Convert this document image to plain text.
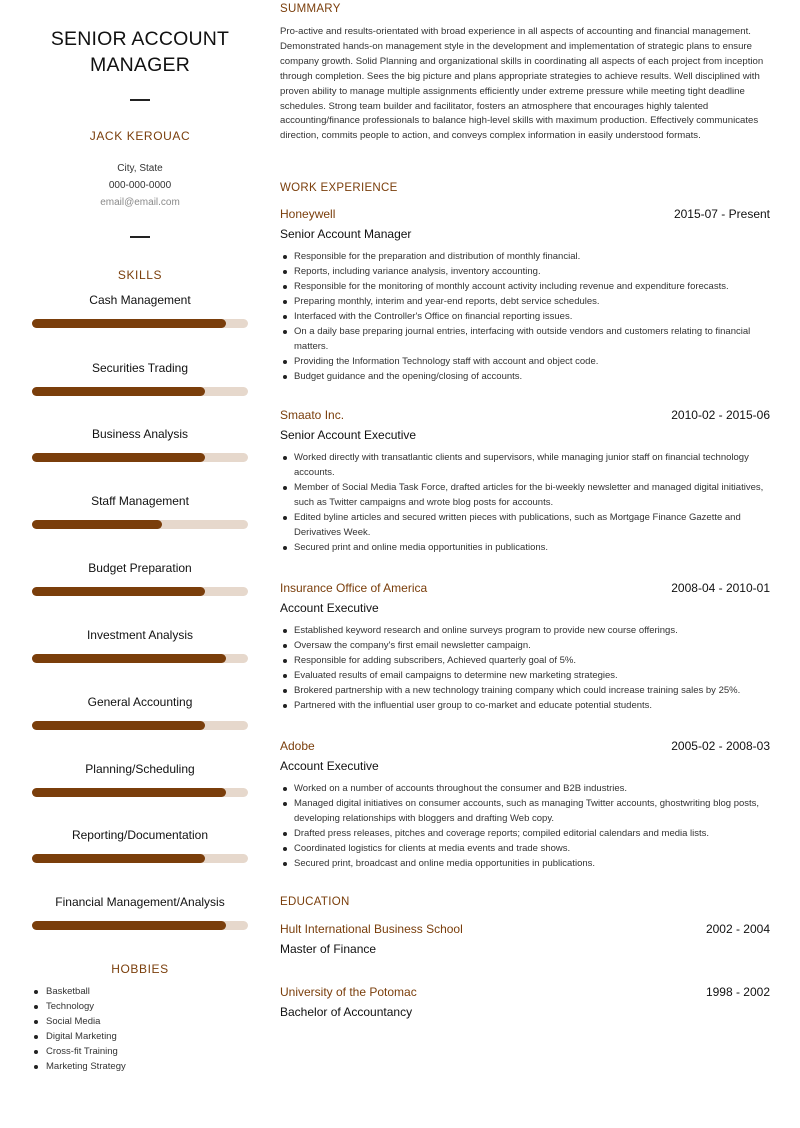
SENIOR ACCOUNT MANAGER
JACK KEROUAC
City, State
000-000-0000
email@email.com
SKILLS
Cash Management
Securities Trading
Business Analysis
Staff Management
Budget Preparation
Investment Analysis
General Accounting
Planning/Scheduling
Reporting/Documentation
Financial Management/Analysis
HOBBIES
Basketball
Technology
Social Media
Digital Marketing
Cross-fit Training
Marketing Strategy
SUMMARY

Pro-active and results-orientated with broad experience in all aspects of accounting and financial management. Demonstrated hands-on management style in the development and implementation of strategic plans to ensure company growth. Solid Planning and organizational skills in coordinating all aspects of each project from inception through completion. Sees the big picture and plans appropriate strategies to achieve results. Well disciplined with proven ability to manage multiple assignments efficiently under extreme pressure while meeting tight deadline schedules. Strong team builder and facilitator, fosters an atmosphere that encourages highly talented accounting/finance professionals to balance high-level skills with maximum production. Effectively communicates direction, commits people to action, and conveys complex information in easily understood formats.

WORK EXPERIENCE
Honeywell	2015-07 - Present
Senior Account Manager
Responsible for the preparation and distribution of monthly financial.
Reports, including variance analysis, inventory accounting.
Responsible for the monitoring of monthly account activity including revenue and expenditure forecasts.
Preparing monthly, interim and year-end reports, debt service schedules.
Interfaced with the Controller's Office on financial reporting issues.
On a daily base preparing journal entries, interfacing with outside vendors and customers relating to financial matters.
Providing the Information Technology staff with account and object code.
Budget guidance and the opening/closing of accounts.
Smaato Inc.	2010-02 - 2015-06
Senior Account Executive
Worked directly with transatlantic clients and supervisors, while managing junior staff on financial technology accounts.
Member of Social Media Task Force, drafted articles for the bi-weekly newsletter and managed digital initiatives, such as Twitter campaigns and wrote blog posts for accounts.
Edited byline articles and secured written pieces with publications, such as Mortgage Finance Gazette and Derivatives Week.
Secured print and online media opportunities in publications.
Insurance Office of America	2008-04 - 2010-01
Account Executive
Established keyword research and online surveys program to provide new course offerings.
Oversaw the company's first email newsletter campaign.
Responsible for adding subscribers, Achieved quarterly goal of 5%.
Evaluated results of email campaigns to determine new marketing strategies.
Brokered partnership with a new technology training company which could increase training sales by 25%.
Partnered with the influential user group to co-market and educate potential students.
Adobe	2005-02 - 2008-03
Account Executive
Worked on a number of accounts throughout the consumer and B2B industries.
Managed digital initiatives on consumer accounts, such as managing Twitter accounts, ghostwriting blog posts, developing relationships with bloggers and drafting Web copy.
Drafted press releases, pitches and coverage reports; compiled editorial calendars and media lists.
Coordinated logistics for clients at media events and trade shows.
Secured print, broadcast and online media opportunities in publications.
EDUCATION
Hult International Business School	2002 - 2004
Master of Finance
University of the Potomac	1998 - 2002
Bachelor of Accountancy
